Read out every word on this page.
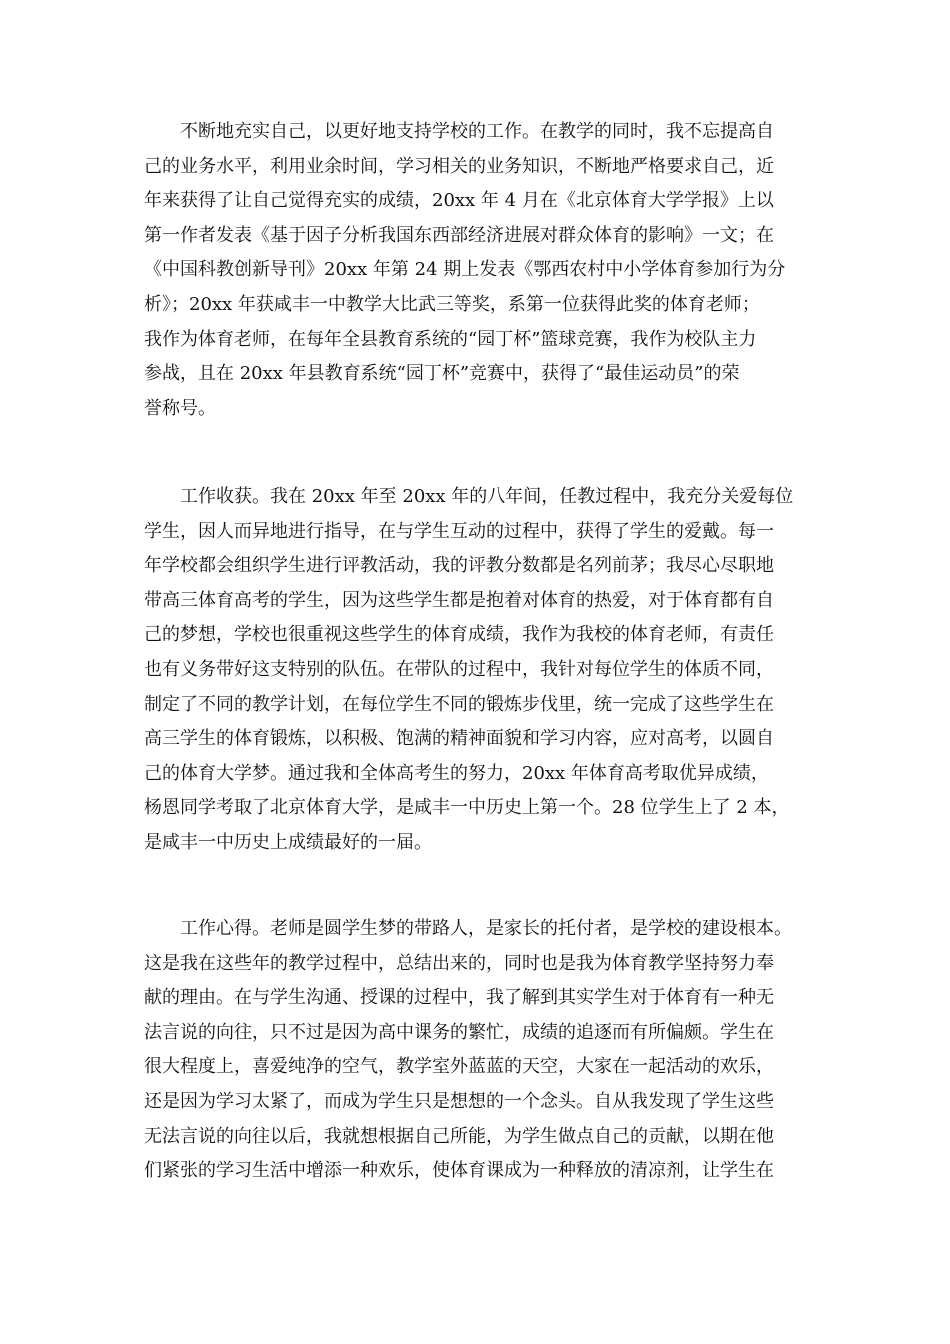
不断地充实自己，以更好地支持学校的工作。在教学的同时，我不忘提高自
己的业务水平，利用业余时间，学习相关的业务知识，不断地严格要求自己，近
年来获得了让自己觉得充实的成绩，20xx 年 4 月在《北京体育大学学报》上以
第一作者发表《基于因子分析我国东西部经济进展对群众体育的影响》一文；在
《中国科教创新导刊》20xx 年第 24 期上发表《鄂西农村中小学体育参加行为分
析》；20xx 年获咸丰一中教学大比武三等奖，系第一位获得此奖的体育老师；
我作为体育老师，在每年全县教育系统的“园丁杯”篮球竞赛，我作为校队主力
参战，且在 20xx 年县教育系统“园丁杯”竞赛中，获得了“最佳运动员”的荣
誉称号。

工作收获。我在 20xx 年至 20xx 年的八年间，任教过程中，我充分关爱每位
学生，因人而异地进行指导，在与学生互动的过程中，获得了学生的爱戴。每一
年学校都会组织学生进行评教活动，我的评教分数都是名列前茅；我尽心尽职地
带高三体育高考的学生，因为这些学生都是抱着对体育的热爱，对于体育都有自
己的梦想，学校也很重视这些学生的体育成绩，我作为我校的体育老师，有责任
也有义务带好这支特别的队伍。在带队的过程中，我针对每位学生的体质不同，
制定了不同的教学计划，在每位学生不同的锻炼步伐里，统一完成了这些学生在
高三学生的体育锻炼，以积极、饱满的精神面貌和学习内容，应对高考，以圆自
己的体育大学梦。通过我和全体高考生的努力，20xx 年体育高考取优异成绩，
杨恩同学考取了北京体育大学，是咸丰一中历史上第一个。28 位学生上了 2 本，
是咸丰一中历史上成绩最好的一届。

工作心得。老师是圆学生梦的带路人，是家长的托付者，是学校的建设根本。
这是我在这些年的教学过程中，总结出来的，同时也是我为体育教学坚持努力奉
献的理由。在与学生沟通、授课的过程中，我了解到其实学生对于体育有一种无
法言说的向往，只不过是因为高中课务的繁忙，成绩的追逐而有所偏颇。学生在
很大程度上，喜爱纯净的空气，教学室外蓝蓝的天空，大家在一起活动的欢乐，
还是因为学习太紧了，而成为学生只是想想的一个念头。自从我发现了学生这些
无法言说的向往以后，我就想根据自己所能，为学生做点自己的贡献，以期在他
们紧张的学习生活中增添一种欢乐，使体育课成为一种释放的清凉剂，让学生在
